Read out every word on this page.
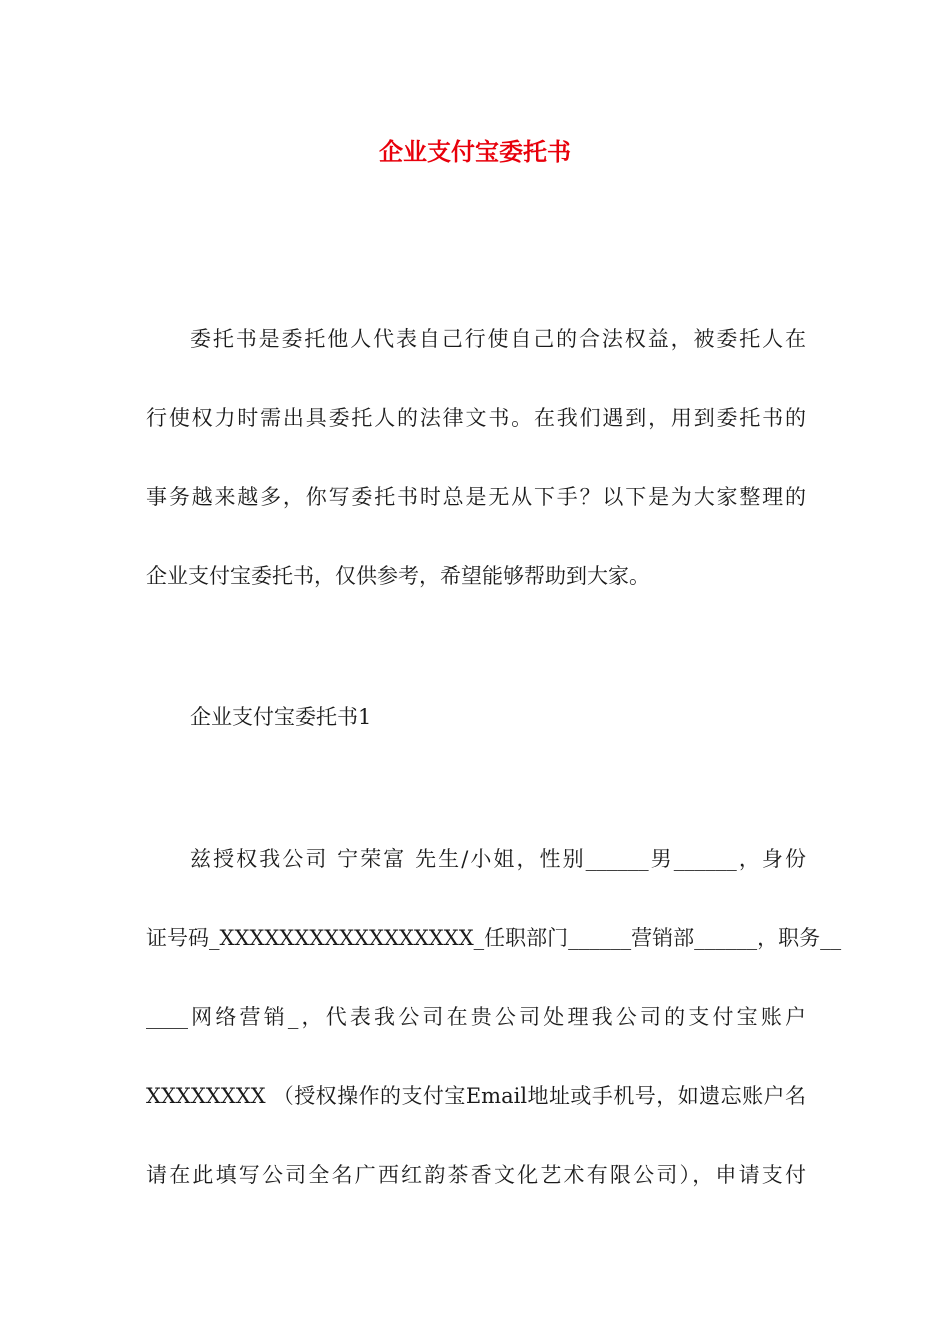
企业支付宝委托书
委托书是委托他人代表自己行使自己的合法权益，被委托人在
行使权力时需出具委托人的法律文书。在我们遇到，用到委托书的
事务越来越多，你写委托书时总是无从下手？以下是为大家整理的
企业支付宝委托书，仅供参考，希望能够帮助到大家。

企业支付宝委托书1

兹授权我公司 宁荣富 先生/小姐，性别______男______，身份
证号码_XXXXXXXXXXXXXXXXX_任职部门______营销部______，职务__
____网络营销_，代表我公司在贵公司处理我公司的支付宝账户
XXXXXXXX （授权操作的支付宝Email地址或手机号，如遗忘账户名
请在此填写公司全名广西红韵茶香文化艺术有限公司），申请支付
